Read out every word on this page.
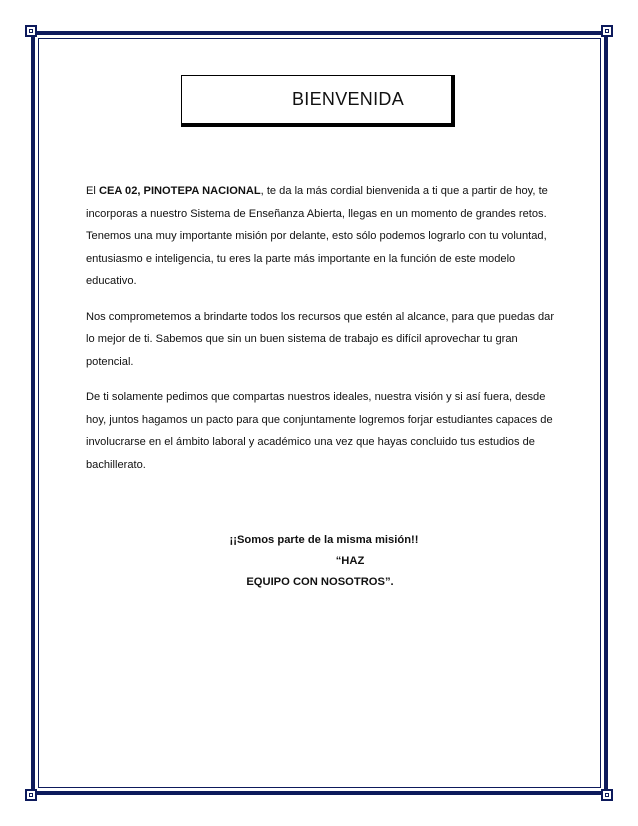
BIENVENIDA

El CEA 02, PINOTEPA NACIONAL, te da la más cordial bienvenida a ti que a partir de hoy, te incorporas a nuestro Sistema de Enseñanza Abierta, llegas en un momento de grandes retos. Tenemos una muy importante misión por delante, esto sólo podemos lograrlo con tu voluntad, entusiasmo e inteligencia, tu eres la parte más importante en la función de este modelo educativo.

Nos comprometemos a brindarte todos los recursos que estén al alcance, para que puedas dar lo mejor de ti. Sabemos que sin un buen sistema de trabajo es difícil aprovechar tu gran potencial.

De ti solamente pedimos que compartas nuestros ideales, nuestra visión y si así fuera, desde hoy, juntos hagamos un pacto para que conjuntamente logremos forjar estudiantes capaces de involucrarse en el ámbito laboral y académico una vez que hayas concluido tus estudios de bachillerato.

¡¡Somos parte de la misma misión!!
“HAZ
EQUIPO CON NOSOTROS”.
